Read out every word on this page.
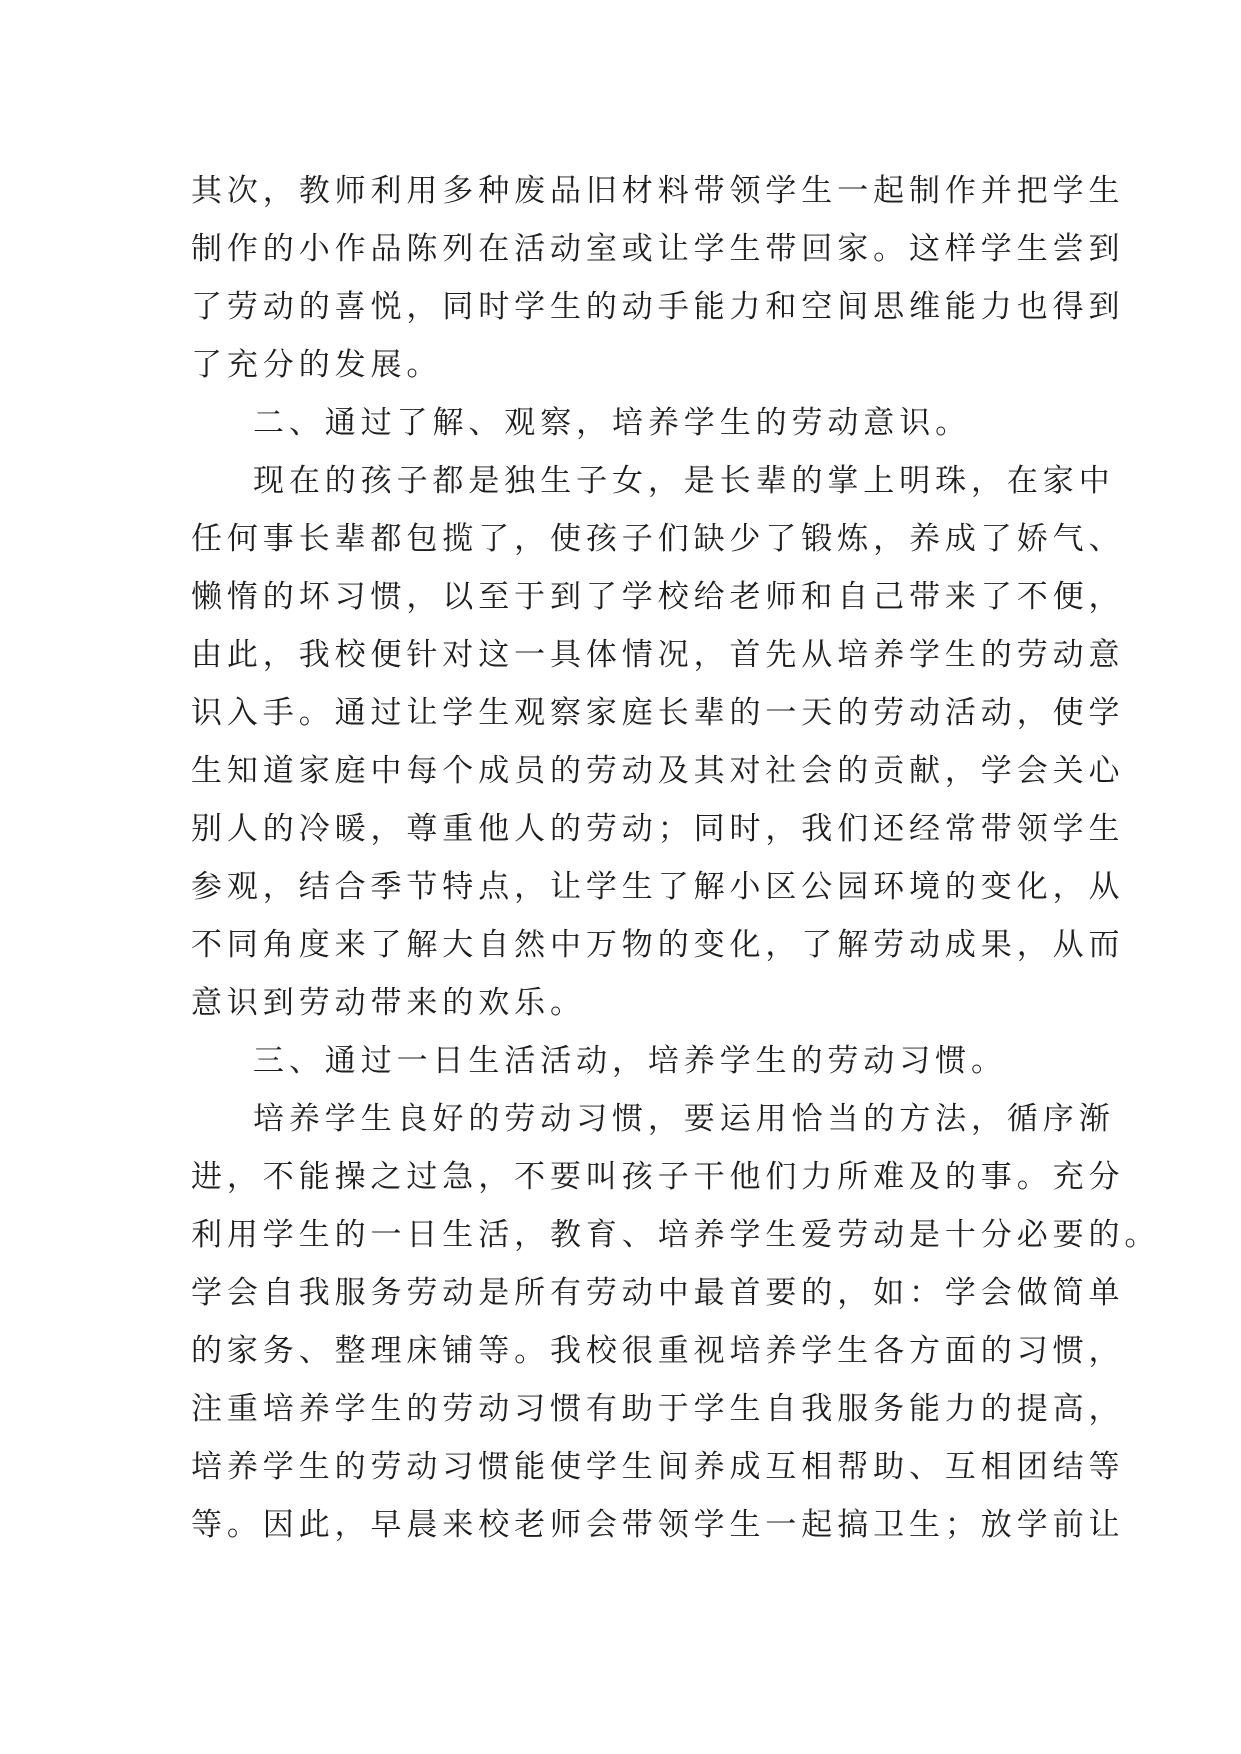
其次，教师利用多种废品旧材料带领学生一起制作并把学生
制作的小作品陈列在活动室或让学生带回家。这样学生尝到
了劳动的喜悦，同时学生的动手能力和空间思维能力也得到
了充分的发展。
二、通过了解、观察，培养学生的劳动意识。
现在的孩子都是独生子女，是长辈的掌上明珠，在家中
任何事长辈都包揽了，使孩子们缺少了锻炼，养成了娇气、
懒惰的坏习惯，以至于到了学校给老师和自己带来了不便，
由此，我校便针对这一具体情况，首先从培养学生的劳动意
识入手。通过让学生观察家庭长辈的一天的劳动活动，使学
生知道家庭中每个成员的劳动及其对社会的贡献，学会关心
别人的冷暖，尊重他人的劳动；同时，我们还经常带领学生
参观，结合季节特点，让学生了解小区公园环境的变化，从
不同角度来了解大自然中万物的变化，了解劳动成果，从而
意识到劳动带来的欢乐。
三、通过一日生活活动，培养学生的劳动习惯。
培养学生良好的劳动习惯，要运用恰当的方法，循序渐
进，不能操之过急，不要叫孩子干他们力所难及的事。充分
利用学生的一日生活，教育、培养学生爱劳动是十分必要的。
学会自我服务劳动是所有劳动中最首要的，如：学会做简单
的家务、整理床铺等。我校很重视培养学生各方面的习惯，
注重培养学生的劳动习惯有助于学生自我服务能力的提高，
培养学生的劳动习惯能使学生间养成互相帮助、互相团结等
等。因此，早晨来校老师会带领学生一起搞卫生；放学前让
